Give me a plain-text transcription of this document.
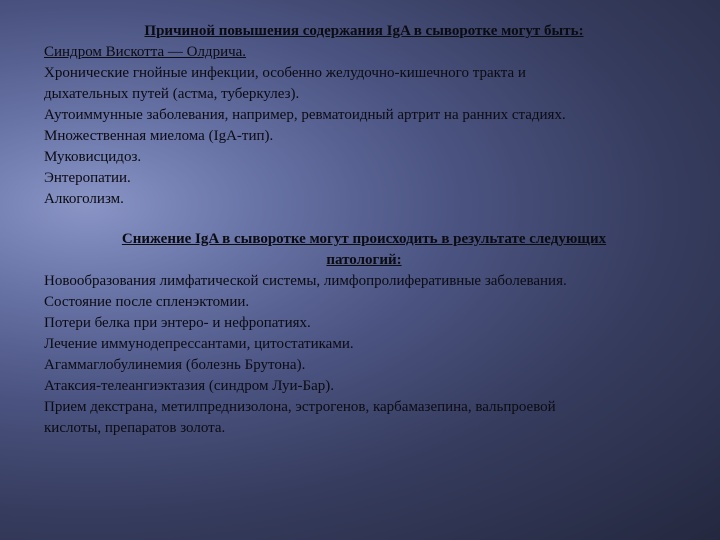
Причиной повышения содержания IgA в сыворотке могут быть:

Синдром Вискотта — Олдрича.

Хронические гнойные инфекции, особенно желудочно-кишечного тракта и

дыхательных путей (астма, туберкулез).

Аутоиммунные заболевания, например, ревматоидный артрит на ранних стадиях.

Множественная миелома (IgA-тип).

Муковисцидоз.

Энтеропатии.

Алкоголизм.

Снижение IgA в сыворотке могут происходить в результате следующих

патологий:

Новообразования лимфатической системы, лимфопролиферативные заболевания.

Состояние после спленэктомии.

Потери белка при энтеро- и нефропатиях.

Лечение иммунодепрессантами, цитостатиками.

Агаммаглобулинемия (болезнь Брутона).

Атаксия-телеангиэктазия (синдром Луи-Бар).

Прием декстрана, метилпреднизолона, эстрогенов, карбамазепина, вальпроевой

кислоты, препаратов золота.
